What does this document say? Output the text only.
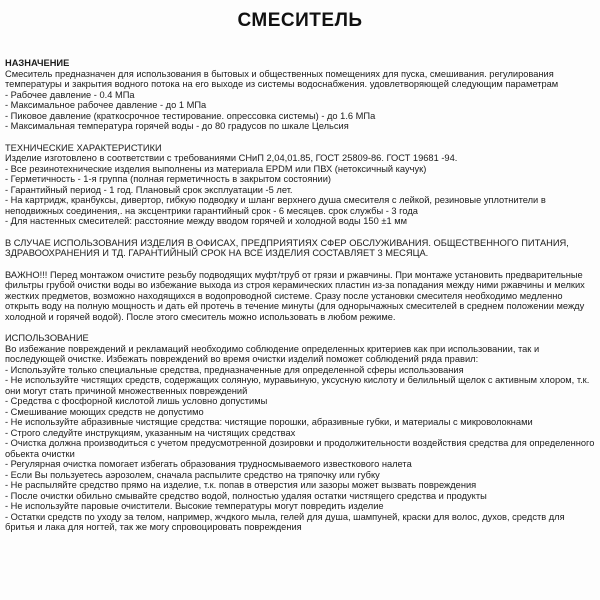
СМЕСИТЕЛЬ
НАЗНАЧЕНИЕ
Смеситель предназначен для использования в бытовых и общественных помещениях для пуска, смешивания. регулирования температуры и закрытия водного потока на его выходе из системы водоснабжения. удовлетворяющей следующим параметрам
- Рабочее давление - 0.4 МПа
- Максимальное рабочее давление - до 1 МПа
- Пиковое давление (краткосрочное тестирование. опрессовка системы) - до 1.6 МПа
- Максимальная температура горячей воды - до 80 градусов по шкале Цельсия
ТЕХНИЧЕСКИЕ ХАРАКТЕРИСТИКИ
Изделие изготовлено в соответствии с требованиями СНиП 2,04,01.85, ГОСТ 25809-86. ГОСТ 19681 -94.
- Все резинотехнические изделия выполнены из материала EPDM или ПВХ (нетоксичный каучук)
- Герметичность - 1-я группа (полная герметичность в закрытом состоянии)
- Гарантийный период - 1 год. Плановый срок эксплуатации -5 лет.
- На картридж, кранбуксы, дивертор, гибкую подводку и шланг верхнего душа смесителя с лейкой, резиновые уплотнители в неподвижных соединения,. на эксцентрики гарантийный срок - 6 месяцев. срок службы - 3 года
- Для настенных смесителей: расстояние между вводом горячей и холодной воды 150 ±1 мм
В СЛУЧАЕ ИСПОЛЬЗОВАНИЯ ИЗДЕЛИЯ В ОФИСАХ, ПРЕДПРИЯТИЯХ СФЕР ОБСЛУЖИВАНИЯ. ОБЩЕСТВЕННОГО ПИТАНИЯ, ЗДРАВООХРАНЕНИЯ И ТД. ГАРАНТИЙНЫЙ СРОК НА ВСЕ ИЗДЕЛИЯ СОСТАВЛЯЕТ 3 МЕСЯЦА.
ВАЖНО!!! Перед монтажом очистите резьбу подводящих муфт/труб от грязи и ржавчины. При монтаже установить предварительные фильтры грубой очистки воды во избежание выхода из строя керамических пластин из-за попадания между ними ржавчины и мелких жестких предметов, возможно находящихся в водопроводной системе. Сразу после установки смесителя необходимо медленно открыть воду на полную мощность и дать ей протечь в течение минуты (для однорычажных смесителей в среднем положении между холодной и горячей водой). После этого смеситель можно использовать в любом режиме.
ИСПОЛЬЗОВАНИЕ
Во избежание повреждений и рекламаций необходимо соблюдение определенных критериев как при использовании, так и последующей очистке. Избежать повреждений во время очистки изделий поможет соблюдений ряда правил:
- Используйте только специальные средства, предназначенные для определенной сферы использования
- Не используйте чистящих средств, содержащих соляную, муравьиную, уксусную кислоту и белильный щелок с активным хлором, т.к. они могут стать причиной множественных повреждений
- Средства с фосфорной кислотой лишь условно допустимы
- Смешивание моющих средств не допустимо
- Не используйте абразивные чистящие средства: чистящие порошки, абразивные губки, и материалы с микроволокнами
- Строго следуйте инструкциям, указанным на чистящих средствах
- Очистка должна производиться с учетом предусмотренной дозировки и продолжительности воздействия средства для определенного обьекта очистки
- Регулярная очистка помогает избегать образования трудносмываемого известкового налета
- Если Вы пользуетесь аэрозолем, сначала распылите средство на тряпочку или губку
- Не распыляйте средство прямо на изделие, т.к. попав в отверстия или зазоры может вызвать повреждения
- После очистки обильно смывайте средство водой, полностью удаляя остатки чистящего средства и продукты
- Не используйте паровые очистители. Высокие температуры могут повредить изделие
- Остатки средств по уходу за телом, например, жчдкого мыла, гелей для душа, шампуней, краски для волос, духов, средств для бритья и лака для ногтей, так же могу спровоцировать повреждения
